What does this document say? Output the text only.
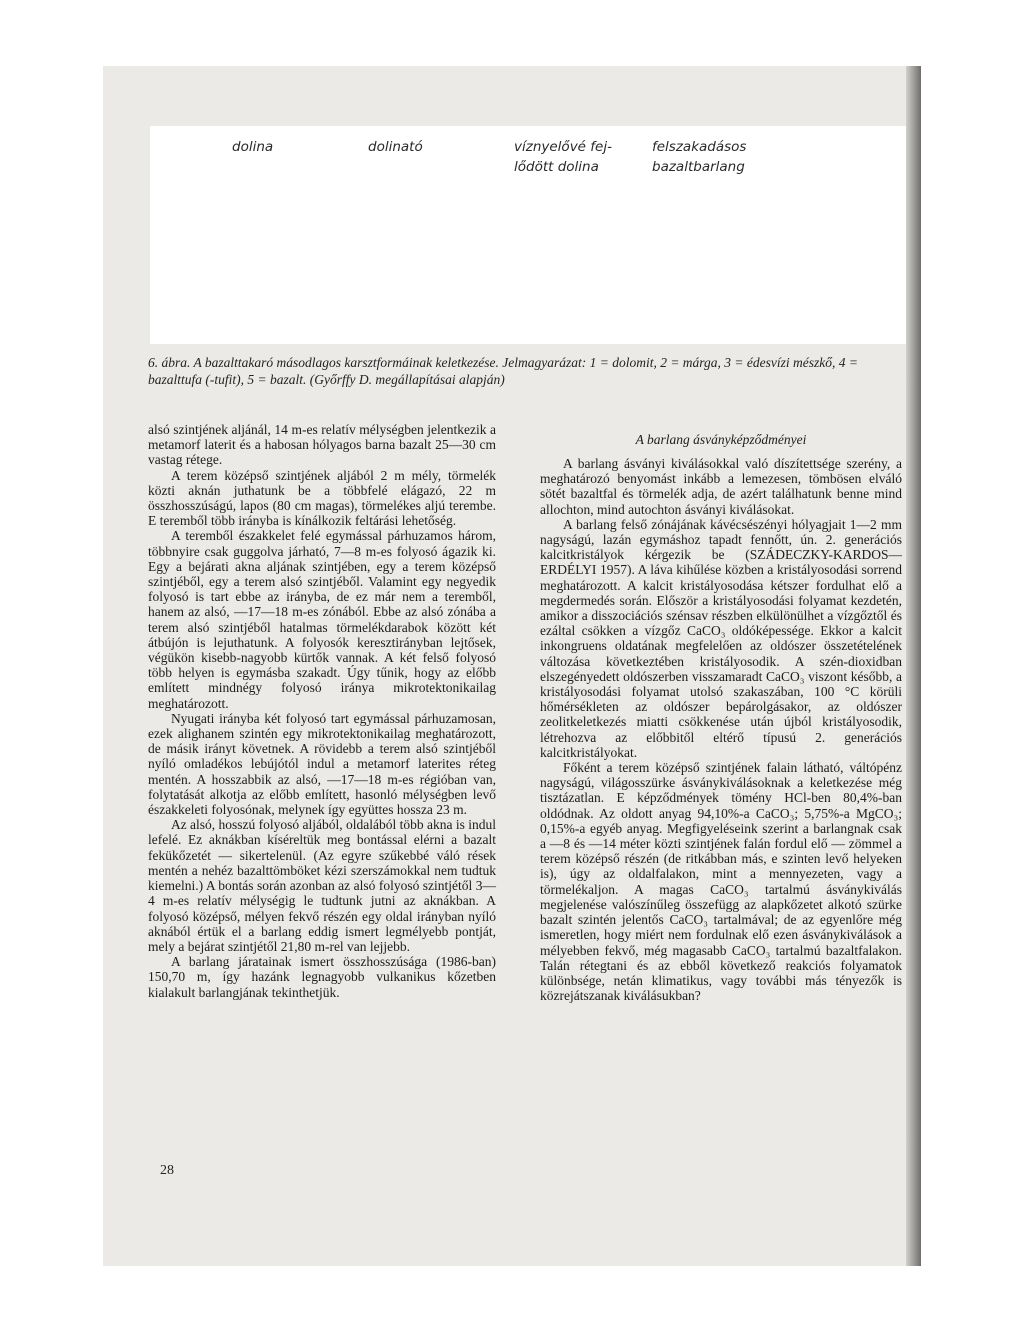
dolina	dolinató	víznyelővé fej-
lődött dolina
felszakadásos
bazaltbarlang

6. ábra. A bazalttakaró másodlagos karsztformáinak keletkezése. Jelmagyarázat: 1 = dolomit, 2 = márga, 3 = édesvízi mészkő, 4 = bazalttufa (-tufit), 5 = bazalt. (Győrffy D. megállapításai alapján)

alsó szintjének aljánál, 14 m-es relatív mélységben jelentkezik a metamorf laterit és a habosan hólyagos barna bazalt 25—30 cm vastag rétege.

A terem középső szintjének aljából 2 m mély, törmelék közti aknán juthatunk be a többfelé elágazó, 22 m összhosszúságú, lapos (80 cm magas), törmelékes aljú terembe. E teremből több irányba is kínálkozik feltárási lehetőség.

A teremből északkelet felé egymással párhuzamos három, többnyire csak guggolva járható, 7—8 m-es folyosó ágazik ki. Egy a bejárati akna aljának szintjében, egy a terem középső szintjéből, egy a terem alsó szintjéből. Valamint egy negyedik folyosó is tart ebbe az irányba, de ez már nem a teremből, hanem az alsó, —17—18 m-es zónából. Ebbe az alsó zónába a terem alsó szintjéből hatalmas törmelékdarabok között két átbújón is lejuthatunk. A folyosók keresztirányban lejtősek, végükön kisebb-nagyobb kürtők vannak. A két felső folyosó több helyen is egymásba szakadt. Úgy tűnik, hogy az előbb említett mindnégy folyosó iránya mikrotektonikailag meghatározott.

Nyugati irányba két folyosó tart egymással párhuzamosan, ezek alighanem szintén egy mikrotektonikailag meghatározott, de másik irányt követnek. A rövidebb a terem alsó szintjéből nyíló omladékos lebújótól indul a metamorf laterites réteg mentén. A hosszabbik az alsó, —17—18 m-es régióban van, folytatását alkotja az előbb említett, hasonló mélységben levő északkeleti folyosónak, melynek így együttes hossza 23 m.

Az alsó, hosszú folyosó aljából, oldalából több akna is indul lefelé. Ez aknákban kíséreltük meg bontással elérni a bazalt fekükőzetét — sikertelenül. (Az egyre szűkebbé váló rések mentén a nehéz bazalttömböket kézi szerszámokkal nem tudtuk kiemelni.) A bontás során azonban az alsó folyosó szintjétől 3—4 m-es relatív mélységig le tudtunk jutni az aknákban. A folyosó középső, mélyen fekvő részén egy oldal irányban nyíló aknából értük el a barlang eddig ismert legmélyebb pontját, mely a bejárat szintjétől 21,80 m-rel van lejjebb.

A barlang járatainak ismert összhosszúsága (1986-ban) 150,70 m, így hazánk legnagyobb vulkanikus kőzetben kialakult barlangjának tekinthetjük.

A barlang ásványképződményei

A barlang ásványi kiválásokkal való díszítettsége szerény, a meghatározó benyomást inkább a lemezesen, tömbösen elváló sötét bazaltfal és törmelék adja, de azért találhatunk benne mind allochton, mind autochton ásványi kiválásokat.

A barlang felső zónájának kávécsészényi hólyagjait 1—2 mm nagyságú, lazán egymáshoz tapadt fennőtt, ún. 2. generációs kalcitkristályok kérgezik be (SZÁDECZKY-KARDOS—ERDÉLYI 1957). A láva kihűlése közben a kristályosodási sorrend meghatározott. A kalcit kristályosodása kétszer fordulhat elő a megdermedés során. Először a kristályosodási folyamat kezdetén, amikor a disszociációs szénsav részben elkülönülhet a vízgőztől és ezáltal csökken a vízgőz CaCO₃ oldóképessége. Ekkor a kalcit inkongruens oldatának megfelelően az oldószer összetételének változása következtében kristályosodik. A szén-dioxidban elszegényedett oldószerben visszamaradt CaCO₃ viszont később, a kristályosodási folyamat utolsó szakaszában, 100 °C körüli hőmérsékleten az oldószer bepárolgásakor, az oldószer zeolitkeletkezés miatti csökkenése után újból kristályosodik, létrehozva az előbbitől eltérő típusú 2. generációs kalcitkristályokat.

Főként a terem középső szintjének falain látható, váltópénz nagyságú, világosszürke ásványkiválásoknak a keletkezése még tisztázatlan. E képződmények tömény HCl-ben 80,4%-ban oldódnak. Az oldott anyag 94,10%-a CaCO₃; 5,75%-a MgCO₃; 0,15%-a egyéb anyag. Megfigyeléseink szerint a barlangnak csak a —8 és —14 méter közti szintjének falán fordul elő — zömmel a terem középső részén (de ritkábban más, e szinten levő helyeken is), úgy az oldalfalakon, mint a mennyezeten, vagy a törmelékaljon. A magas CaCO₃ tartalmú ásványkiválás megjelenése valószínűleg összefügg az alapkőzetet alkotó szürke bazalt szintén jelentős CaCO₃ tartalmával; de az egyenlőre még ismeretlen, hogy miért nem fordulnak elő ezen ásványkiválások a mélyebben fekvő, még magasabb CaCO₃ tartalmú bazaltfalakon. Talán rétegtani és az ebből következő reakciós folyamatok különbsége, netán klimatikus, vagy további más tényezők is közrejátszanak kiválásukban?

28
